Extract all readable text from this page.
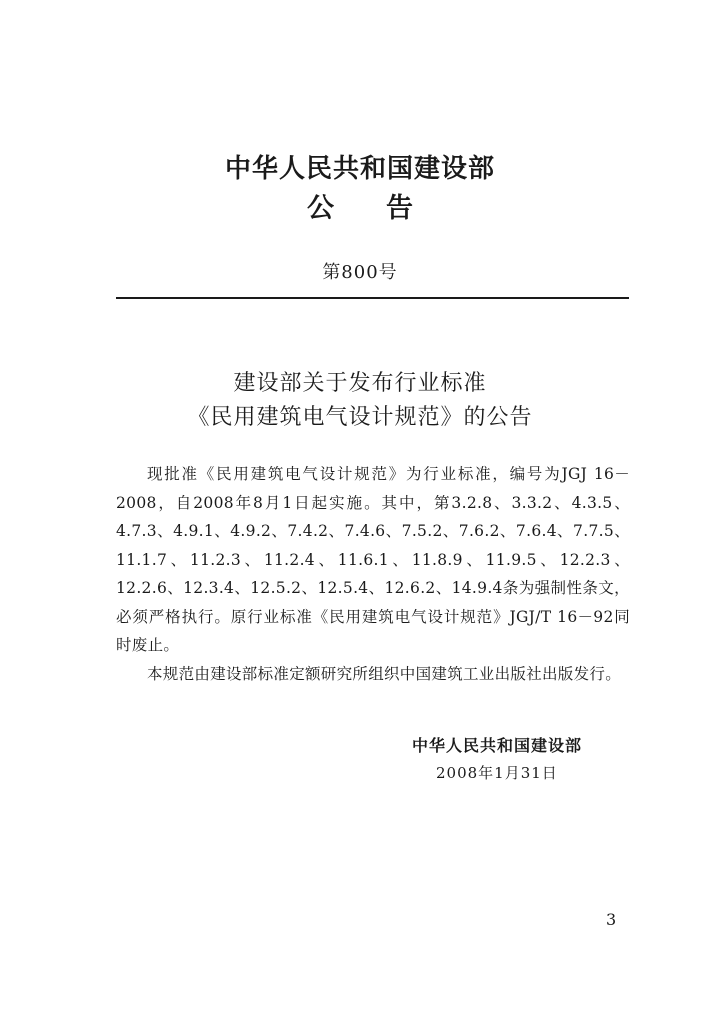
中华人民共和国建设部
公告
第800号
建设部关于发布行业标准
《民用建筑电气设计规范》的公告

现批准《民用建筑电气设计规范》为行业标准，编号为JGJ 16－2008，自2008年8月1日起实施。其中，第3.2.8、3.3.2、4.3.5、4.7.3、4.9.1、4.9.2、7.4.2、7.4.6、7.5.2、7.6.2、7.6.4、7.7.5、11.1.7、11.2.3、11.2.4、11.6.1、11.8.9、11.9.5、12.2.3、12.2.6、12.3.4、12.5.2、12.5.4、12.6.2、14.9.4条为强制性条文，必须严格执行。原行业标准《民用建筑电气设计规范》JGJ/T 16－92同时废止。

本规范由建设部标准定额研究所组织中国建筑工业出版社出版发行。

中华人民共和国建设部
2008年1月31日
3
